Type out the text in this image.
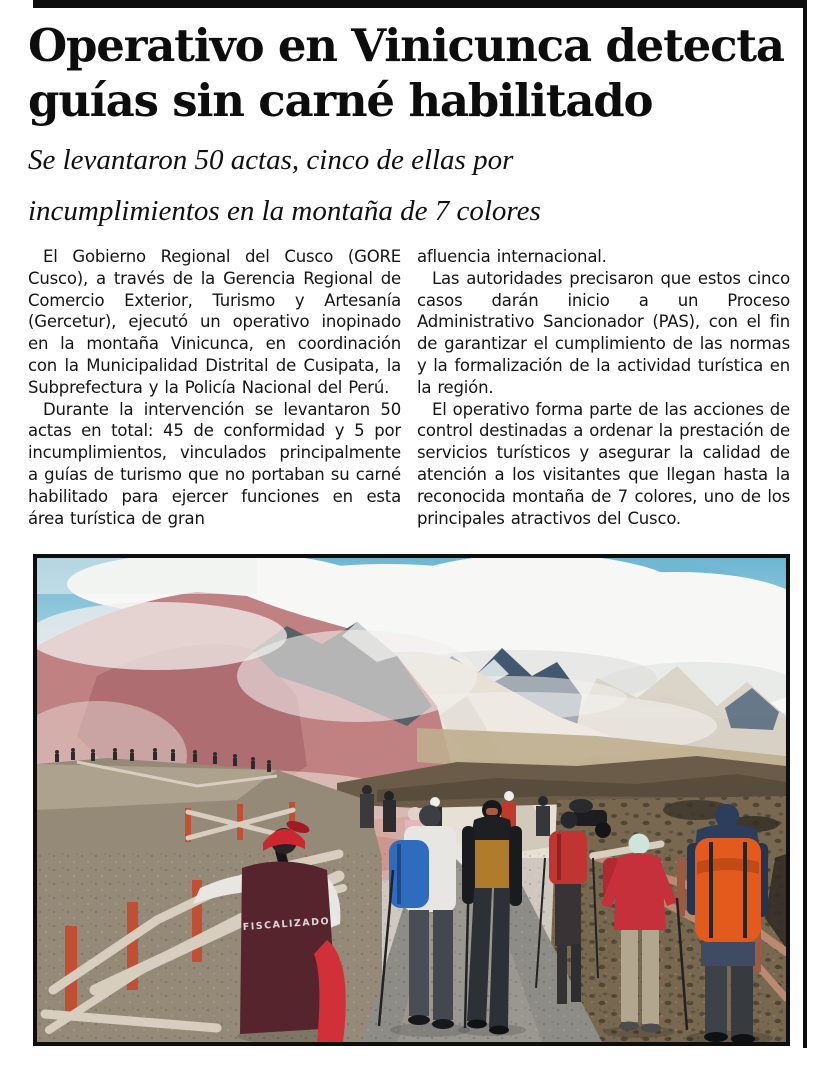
Operativo en Vinicunca detecta
guías sin carné habilitado
Se levantaron 50 actas, cinco de ellas por
incumplimientos en la montaña de 7 colores

El Gobierno Regional del Cusco (GORE Cusco), a través de la Gerencia Regional de Comercio Exterior, Turismo y Artesanía (Gercetur), ejecutó un operativo inopinado en la montaña Vinicunca, en coordinación con la Municipalidad Distrital de Cusipata, la Subprefectura y la Policía Nacional del Perú.

Durante la intervención se levantaron 50 actas en total: 45 de conformidad y 5 por incumplimientos, vinculados principalmente a guías de turismo que no portaban su carné habilitado para ejercer funciones en esta área turística de gran

afluencia internacional.

Las autoridades precisaron que estos cinco casos darán inicio a un Proceso Administrativo Sancionador (PAS), con el fin de garantizar el cumplimiento de las normas y la formalización de la actividad turística en la región.

El operativo forma parte de las acciones de control destinadas a ordenar la prestación de servicios turísticos y asegurar la calidad de atención a los visitantes que llegan hasta la reconocida montaña de 7 colores, uno de los principales atractivos del Cusco.

FISCALIZADOR
